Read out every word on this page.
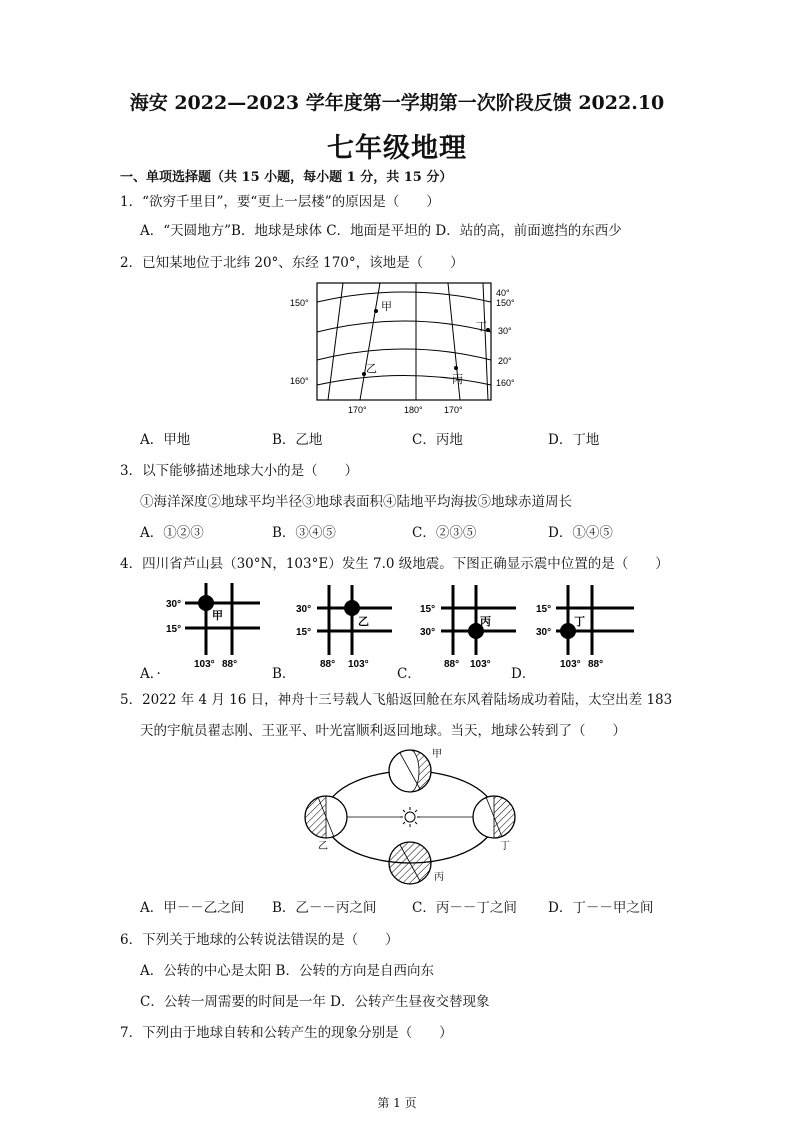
海安 2022—2023 学年度第一学期第一次阶段反馈 2022.10
七年级地理
一、单项选择题（共 15 小题，每小题 1 分，共 15 分）
1．“欲穷千里目”，要“更上一层楼”的原因是（　　）
A．“天圆地方”B．地球是球体 C．地面是平坦的 D．站的高，前面遮挡的东西少
2．已知某地位于北纬 20°、东经 170°，该地是（　　）
甲
乙
丙
丁
150°
160°
40°
150°
30°
20°
160°
170°	180° 170°
A．甲地	B．乙地	C．丙地	D．丁地
3．以下能够描述地球大小的是（　　）
①海洋深度②地球平均半径③地球表面积④陆地平均海拔⑤地球赤道周长
A．①②③	B．③④⑤	C．②③⑤	D．①④⑤
4．四川省芦山县（30°N，103°E）发生 7.0 级地震。下图正确显示震中位置的是（　　）
30°
15°
甲
103° 88°
30°
15°
乙
88° 103°
15°
30°
丙
88° 103°
15°
30°
丁
103° 88°
A．·	B．	C．	D．
5．2022 年 4 月 16 日，神舟十三号载人飞船返回舱在东风着陆场成功着陆，太空出差 183
天的宇航员翟志刚、王亚平、叶光富顺利返回地球。当天，地球公转到了（　　）
甲
乙
丙
丁
A．甲－－乙之间 B．乙－－丙之间	C．丙－－丁之间 D．丁－－甲之间
6．下列关于地球的公转说法错误的是（　　）
A．公转的中心是太阳 B．公转的方向是自西向东
C．公转一周需要的时间是一年 D．公转产生昼夜交替现象
7．下列由于地球自转和公转产生的现象分别是（　　）
第 1 页
